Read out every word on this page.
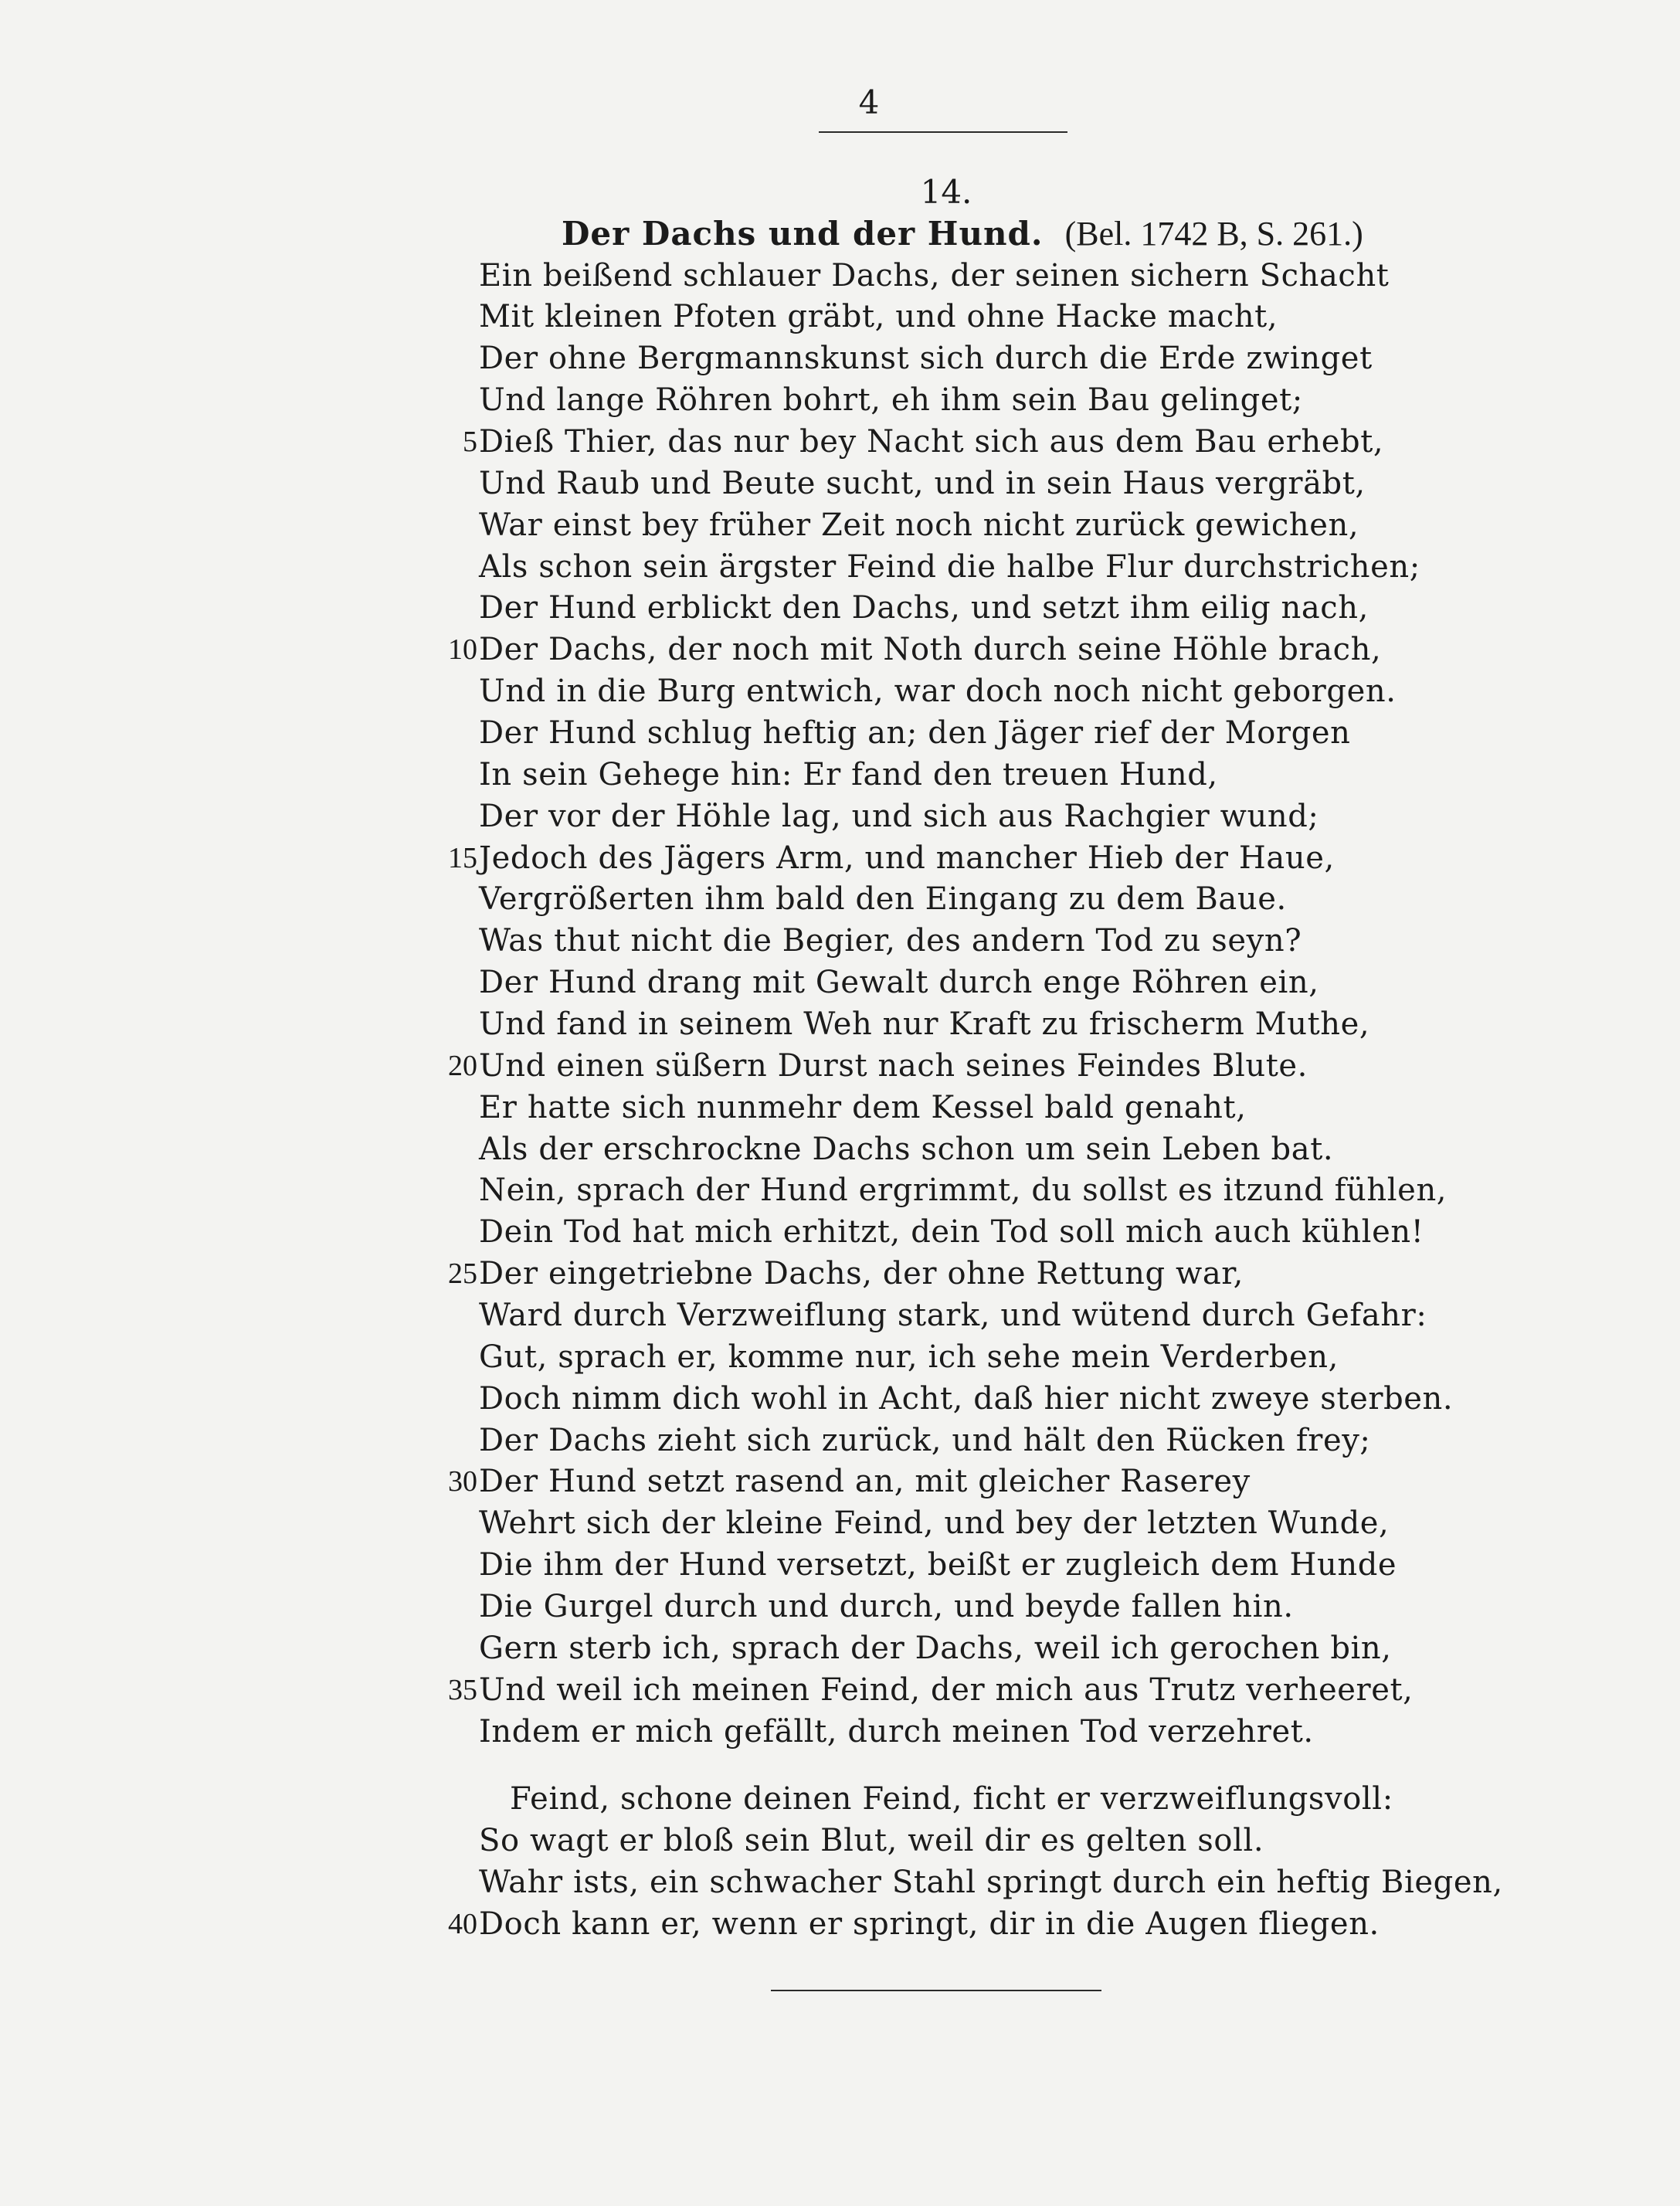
4
14.
Der Dachs und der Hund. (Bel. 1742 B, S. 261.)
Ein beißend schlauer Dachs, der seinen sichern Schacht
Mit kleinen Pfoten gräbt, und ohne Hacke macht,
Der ohne Bergmannskunst sich durch die Erde zwinget
Und lange Röhren bohrt, eh ihm sein Bau gelinget;
5 Dieß Thier, das nur bey Nacht sich aus dem Bau erhebt,
Und Raub und Beute sucht, und in sein Haus vergräbt,
War einst bey früher Zeit noch nicht zurück gewichen,
Als schon sein ärgster Feind die halbe Flur durchstrichen;
Der Hund erblickt den Dachs, und setzt ihm eilig nach,
10 Der Dachs, der noch mit Noth durch seine Höhle brach,
Und in die Burg entwich, war doch noch nicht geborgen.
Der Hund schlug heftig an; den Jäger rief der Morgen
In sein Gehege hin: Er fand den treuen Hund,
Der vor der Höhle lag, und sich aus Rachgier wund;
15 Jedoch des Jägers Arm, und mancher Hieb der Haue,
Vergrößerten ihm bald den Eingang zu dem Baue.
Was thut nicht die Begier, des andern Tod zu seyn?
Der Hund drang mit Gewalt durch enge Röhren ein,
Und fand in seinem Weh nur Kraft zu frischerm Muthe,
20 Und einen süßern Durst nach seines Feindes Blute.
Er hatte sich nunmehr dem Kessel bald genaht,
Als der erschrockne Dachs schon um sein Leben bat.
Nein, sprach der Hund ergrimmt, du sollst es itzund fühlen,
Dein Tod hat mich erhitzt, dein Tod soll mich auch kühlen!
25 Der eingetriebne Dachs, der ohne Rettung war,
Ward durch Verzweiflung stark, und wütend durch Gefahr:
Gut, sprach er, komme nur, ich sehe mein Verderben,
Doch nimm dich wohl in Acht, daß hier nicht zweye sterben.
Der Dachs zieht sich zurück, und hält den Rücken frey;
30 Der Hund setzt rasend an, mit gleicher Raserey
Wehrt sich der kleine Feind, und bey der letzten Wunde,
Die ihm der Hund versetzt, beißt er zugleich dem Hunde
Die Gurgel durch und durch, und beyde fallen hin.
Gern sterb ich, sprach der Dachs, weil ich gerochen bin,
35 Und weil ich meinen Feind, der mich aus Trutz verheeret,
Indem er mich gefällt, durch meinen Tod verzehret.
Feind, schone deinen Feind, ficht er verzweiflungsvoll:
So wagt er bloß sein Blut, weil dir es gelten soll.
Wahr ists, ein schwacher Stahl springt durch ein heftig Biegen,
40 Doch kann er, wenn er springt, dir in die Augen fliegen.
